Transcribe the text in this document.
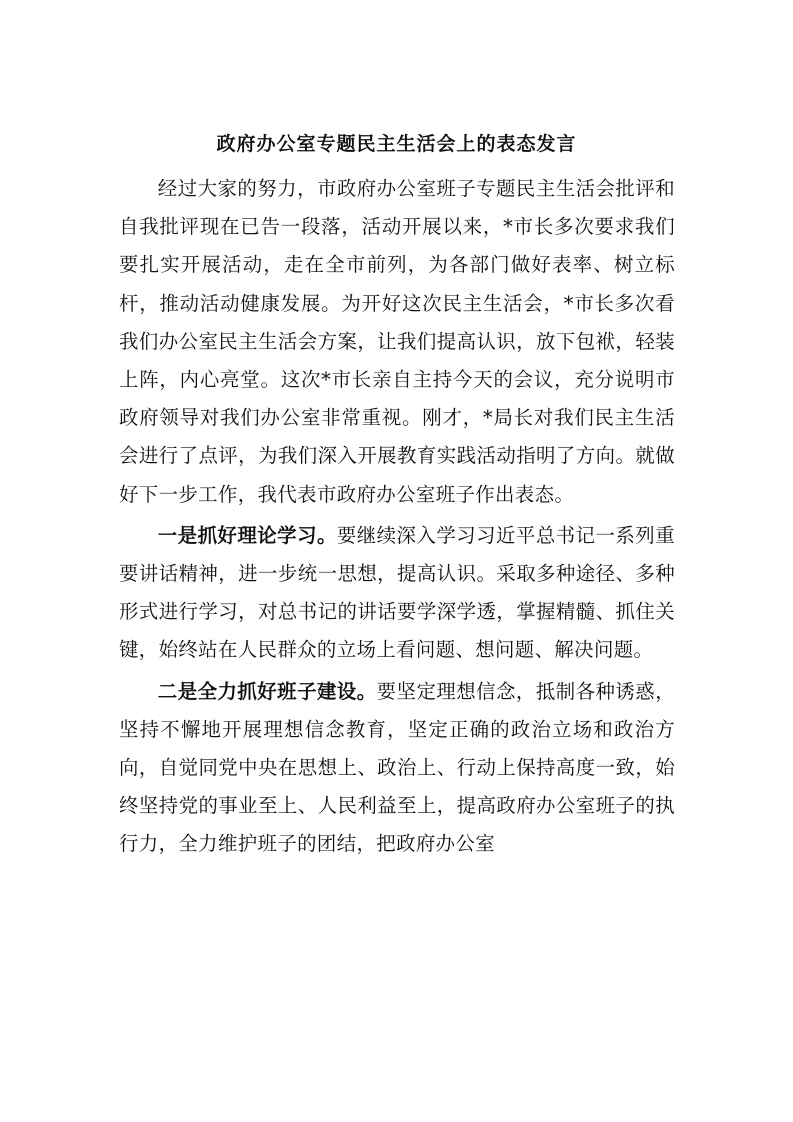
政府办公室专题民主生活会上的表态发言

经过大家的努力，市政府办公室班子专题民主生活会批评和自我批评现在已告一段落，活动开展以来，*市长多次要求我们要扎实开展活动，走在全市前列，为各部门做好表率、树立标杆，推动活动健康发展。为开好这次民主生活会，*市长多次看我们办公室民主生活会方案，让我们提高认识，放下包袱，轻装上阵，内心亮堂。这次*市长亲自主持今天的会议，充分说明市政府领导对我们办公室非常重视。刚才，*局长对我们民主生活会进行了点评，为我们深入开展教育实践活动指明了方向。就做好下一步工作，我代表市政府办公室班子作出表态。

一是抓好理论学习。要继续深入学习习近平总书记一系列重要讲话精神，进一步统一思想，提高认识。采取多种途径、多种形式进行学习，对总书记的讲话要学深学透，掌握精髓、抓住关键，始终站在人民群众的立场上看问题、想问题、解决问题。

二是全力抓好班子建设。要坚定理想信念，抵制各种诱惑，坚持不懈地开展理想信念教育，坚定正确的政治立场和政治方向，自觉同党中央在思想上、政治上、行动上保持高度一致，始终坚持党的事业至上、人民利益至上，提高政府办公室班子的执行力，全力维护班子的团结，把政府办公室
